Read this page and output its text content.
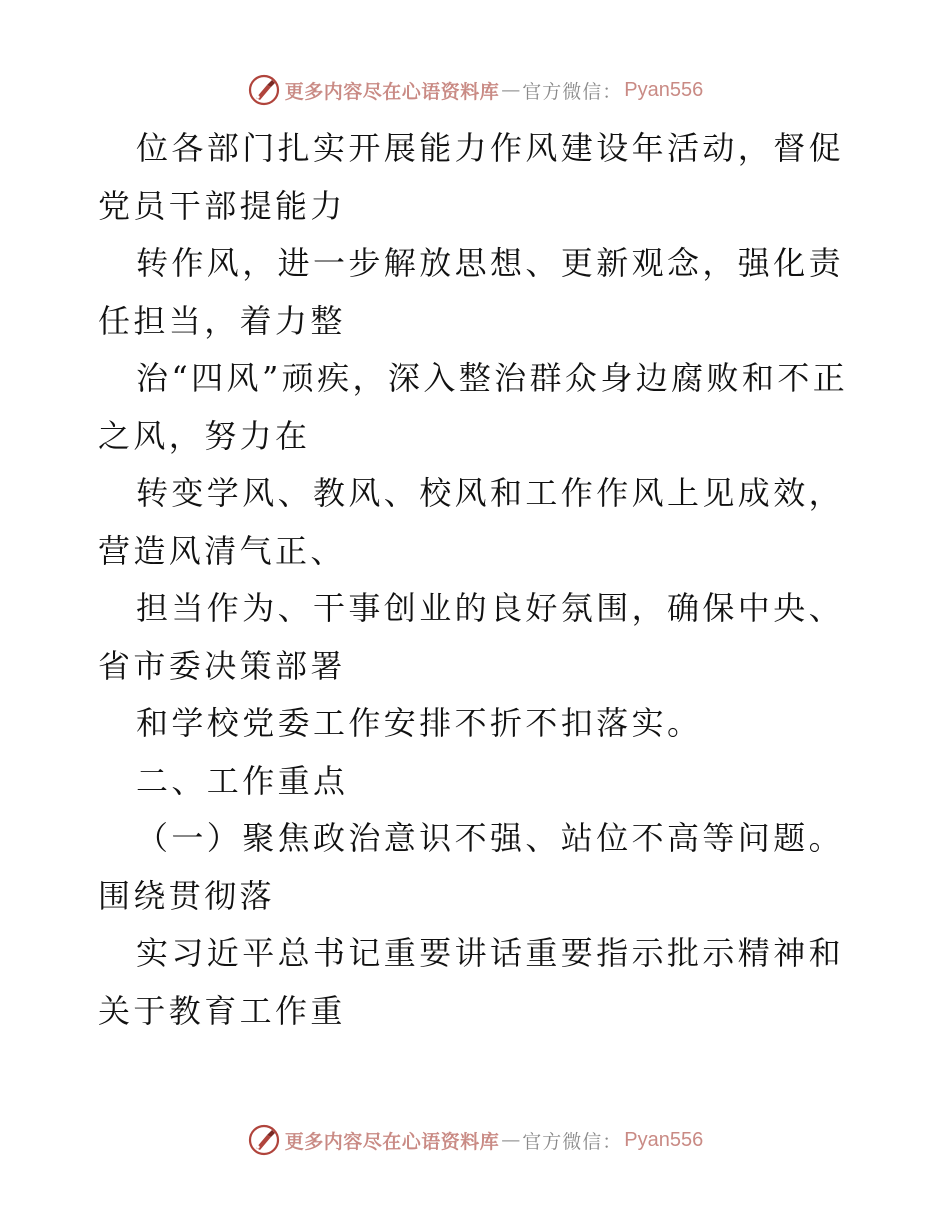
更多内容尽在心语资料库 — 官方微信： Pyan556

位各部门扎实开展能力作风建设年活动，督促党员干部提能力

转作风，进一步解放思想、更新观念，强化责任担当，着力整

治“四风”顽疾，深入整治群众身边腐败和不正之风，努力在

转变学风、教风、校风和工作作风上见成效，营造风清气正、

担当作为、干事创业的良好氛围，确保中央、省市委决策部署

和学校党委工作安排不折不扣落实。

二、工作重点

（一）聚焦政治意识不强、站位不高等问题。围绕贯彻落

实习近平总书记重要讲话重要指示批示精神和关于教育工作重

更多内容尽在心语资料库 — 官方微信： Pyan556
